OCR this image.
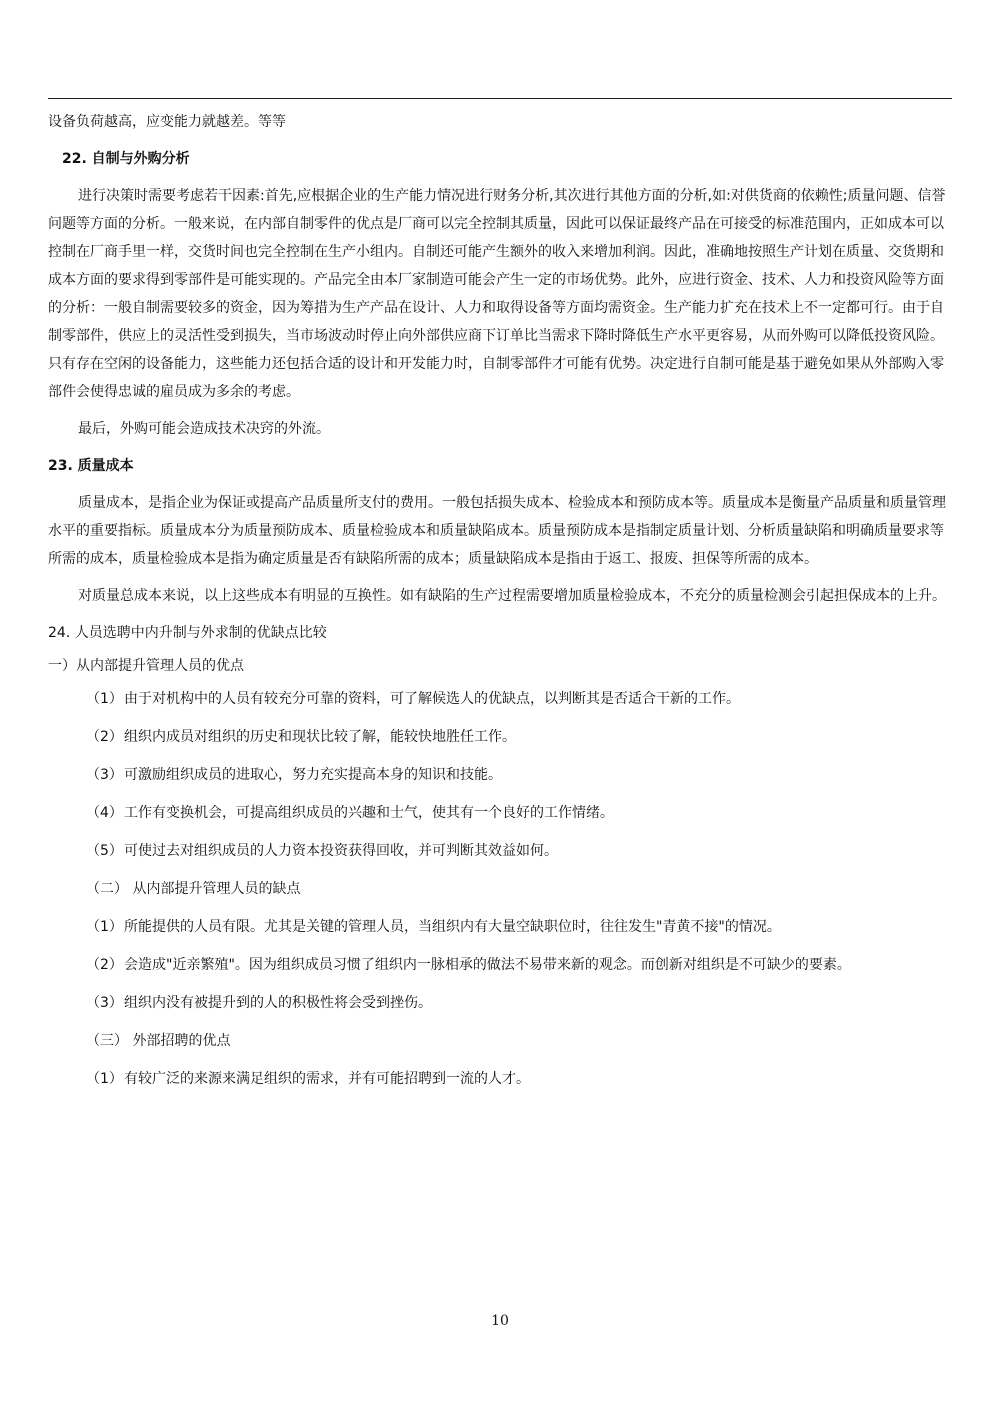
设备负荷越高，应变能力就越差。等等

22. 自制与外购分析

进行决策时需要考虑若干因素:首先,应根据企业的生产能力情况进行财务分析,其次进行其他方面的分析,如:对供货商的依赖性;质量问题、信誉问题等方面的分析。一般来说，在内部自制零件的优点是厂商可以完全控制其质量，因此可以保证最终产品在可接受的标准范围内，正如成本可以控制在厂商手里一样，交货时间也完全控制在生产小组内。自制还可能产生额外的收入来增加利润。因此，准确地按照生产计划在质量、交货期和成本方面的要求得到零部件是可能实现的。产品完全由本厂家制造可能会产生一定的市场优势。此外，应进行资金、技术、人力和投资风险等方面的分析：一般自制需要较多的资金，因为筹措为生产产品在设计、人力和取得设备等方面均需资金。生产能力扩充在技术上不一定都可行。由于自制零部件，供应上的灵活性受到损失，当市场波动时停止向外部供应商下订单比当需求下降时降低生产水平更容易，从而外购可以降低投资风险。只有存在空闲的设备能力，这些能力还包括合适的设计和开发能力时，自制零部件才可能有优势。决定进行自制可能是基于避免如果从外部购入零部件会使得忠诚的雇员成为多余的考虑。

最后，外购可能会造成技术决窍的外流。

23. 质量成本

质量成本，是指企业为保证或提高产品质量所支付的费用。一般包括损失成本、检验成本和预防成本等。质量成本是衡量产品质量和质量管理水平的重要指标。质量成本分为质量预防成本、质量检验成本和质量缺陷成本。质量预防成本是指制定质量计划、分析质量缺陷和明确质量要求等所需的成本，质量检验成本是指为确定质量是否有缺陷所需的成本；质量缺陷成本是指由于返工、报废、担保等所需的成本。

对质量总成本来说，以上这些成本有明显的互换性。如有缺陷的生产过程需要增加质量检验成本，不充分的质量检测会引起担保成本的上升。

24. 人员选聘中内升制与外求制的优缺点比较

一）从内部提升管理人员的优点

（1）由于对机构中的人员有较充分可靠的资料，可了解候选人的优缺点，以判断其是否适合干新的工作。

（2）组织内成员对组织的历史和现状比较了解，能较快地胜任工作。

（3）可激励组织成员的进取心，努力充实提高本身的知识和技能。

（4）工作有变换机会，可提高组织成员的兴趣和士气，使其有一个良好的工作情绪。

（5）可使过去对组织成员的人力资本投资获得回收，并可判断其效益如何。

（二） 从内部提升管理人员的缺点

（1）所能提供的人员有限。尤其是关键的管理人员，当组织内有大量空缺职位时，往往发生"青黄不接"的情况。

（2）会造成"近亲繁殖"。因为组织成员习惯了组织内一脉相承的做法不易带来新的观念。而创新对组织是不可缺少的要素。

（3）组织内没有被提升到的人的积极性将会受到挫伤。

（三） 外部招聘的优点

（1）有较广泛的来源来满足组织的需求，并有可能招聘到一流的人才。

10
